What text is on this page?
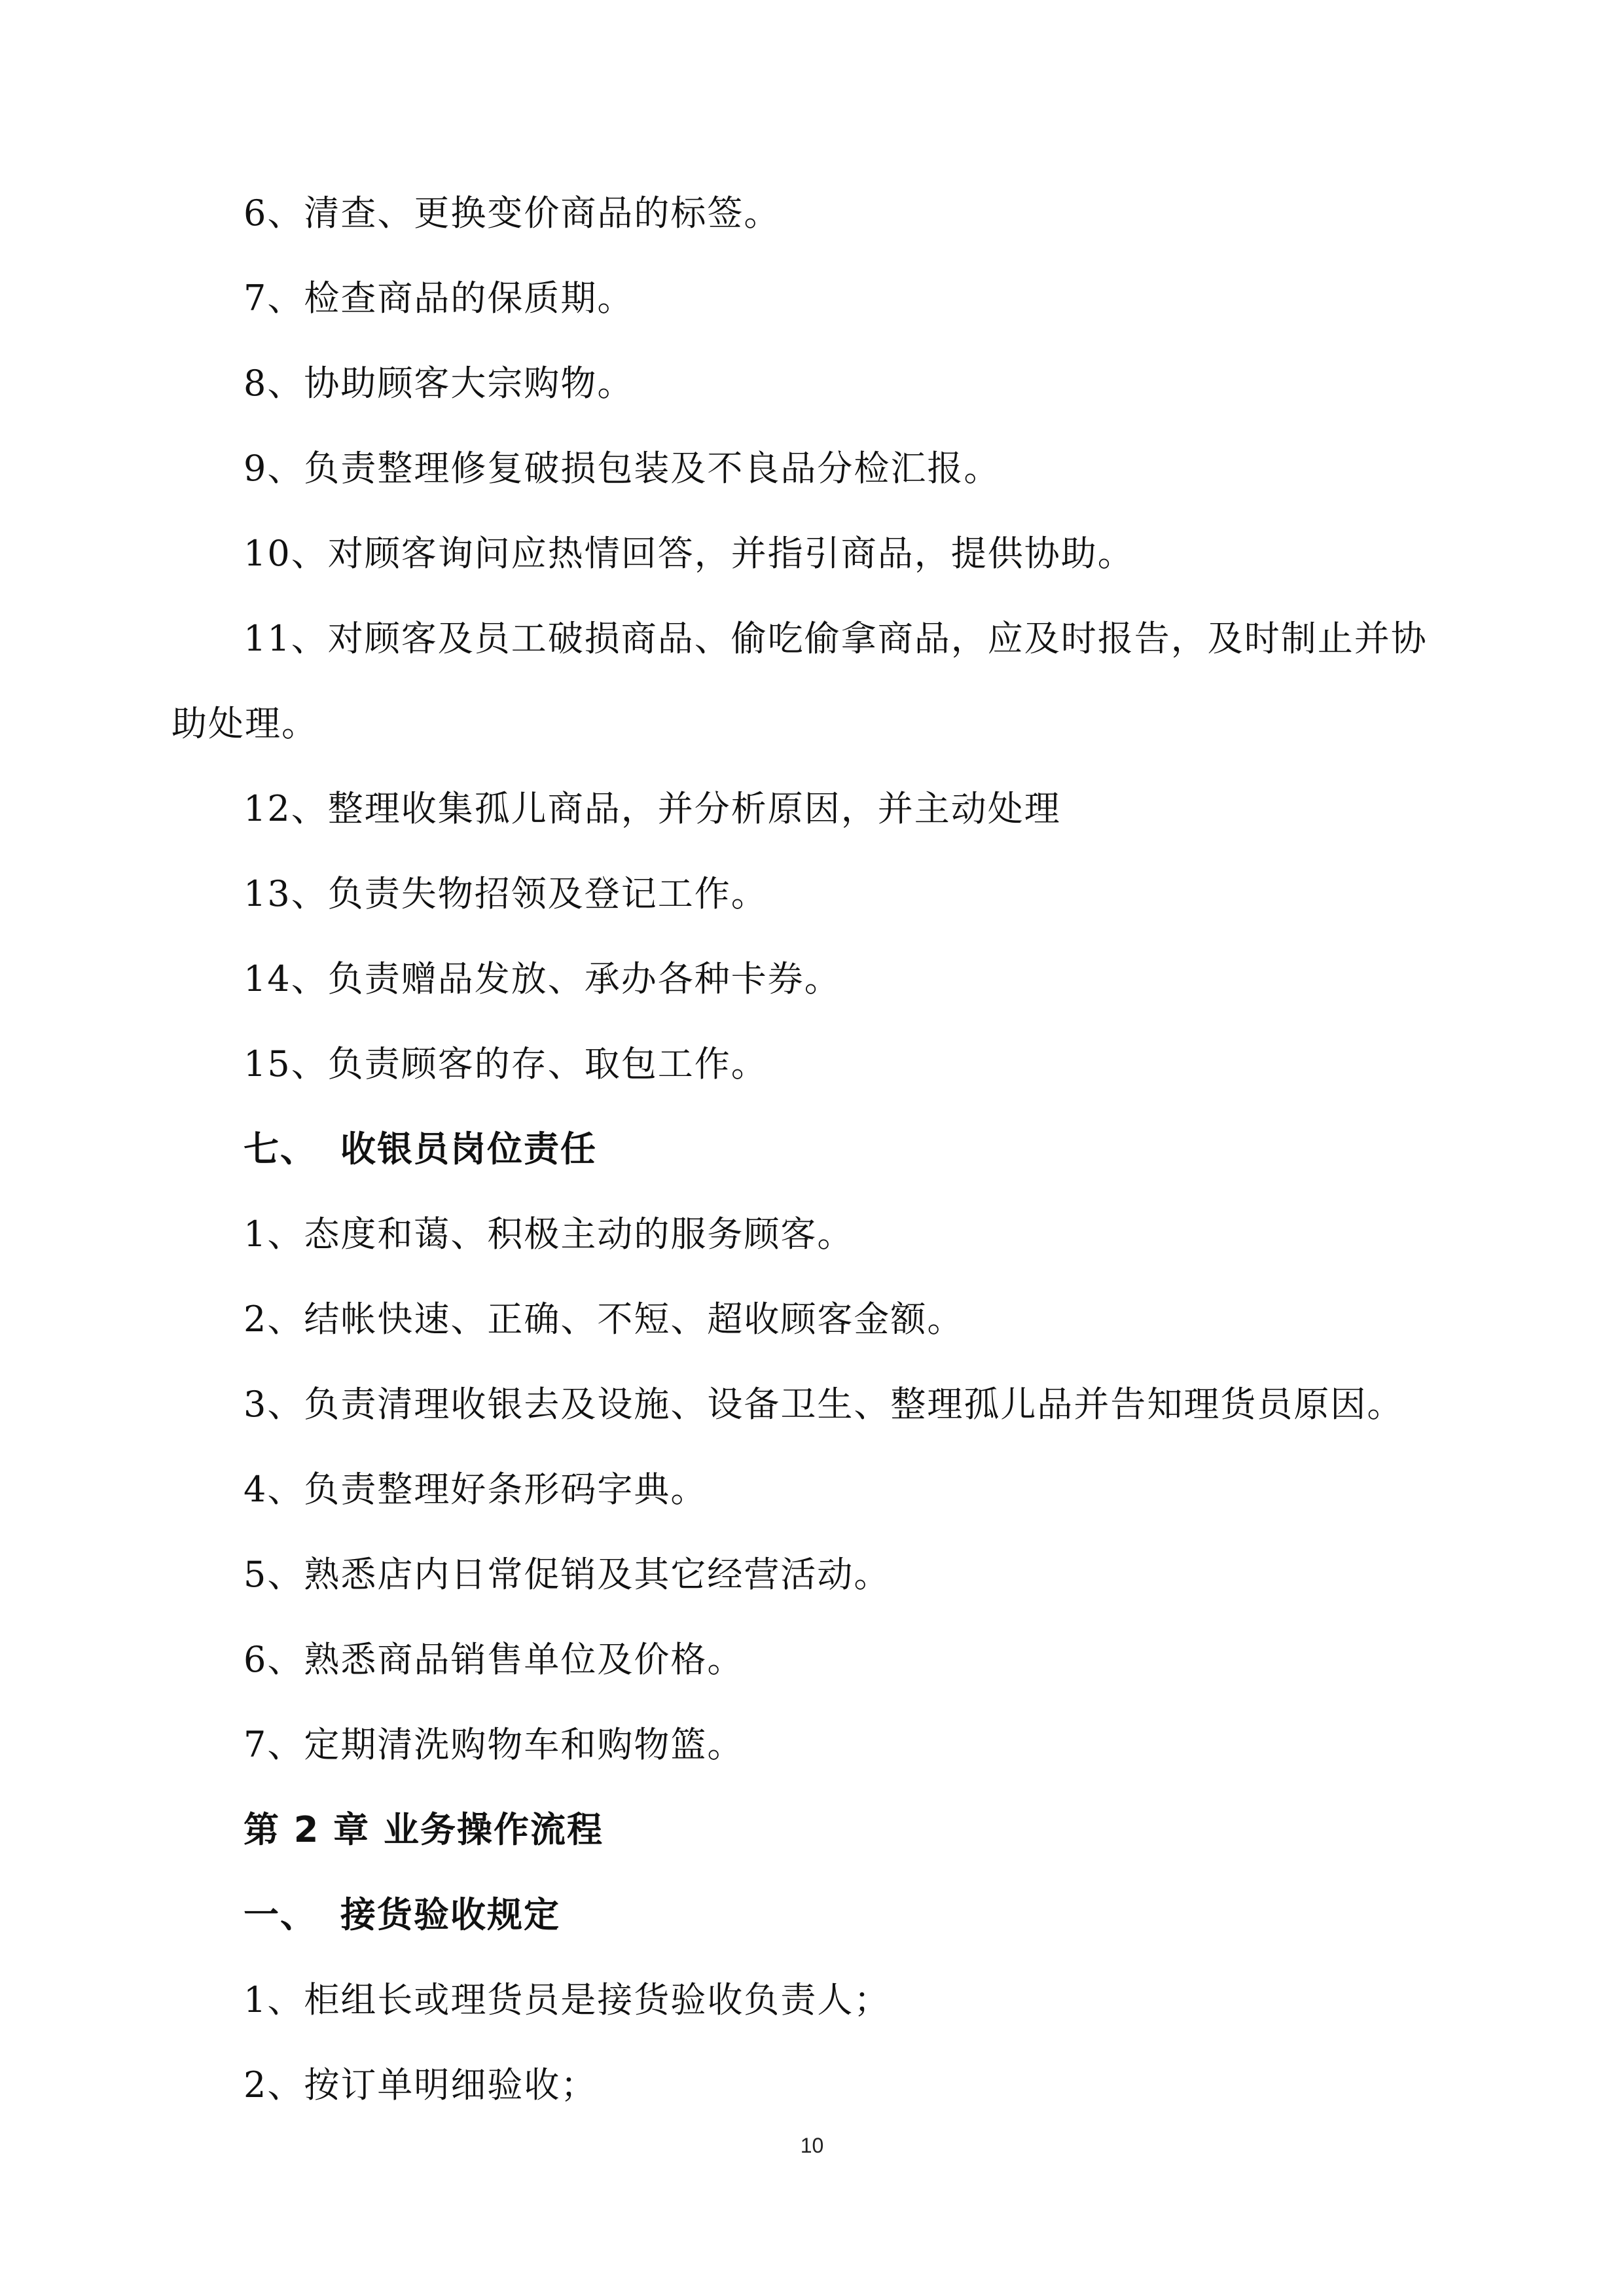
6、清查、更换变价商品的标签。
7、检查商品的保质期。
8、协助顾客大宗购物。
9、负责整理修复破损包装及不良品分检汇报。
10、对顾客询问应热情回答，并指引商品，提供协助。
11、对顾客及员工破损商品、偷吃偷拿商品，应及时报告，及时制止并协
助处理。
12、整理收集孤儿商品，并分析原因，并主动处理
13、负责失物招领及登记工作。
14、负责赠品发放、承办各种卡券。
15、负责顾客的存、取包工作。
七、 收银员岗位责任
1、态度和蔼、积极主动的服务顾客。
2、结帐快速、正确、不短、超收顾客金额。
3、负责清理收银去及设施、设备卫生、整理孤儿品并告知理货员原因。
4、负责整理好条形码字典。
5、熟悉店内日常促销及其它经营活动。
6、熟悉商品销售单位及价格。
7、定期清洗购物车和购物篮。
第 2 章 业务操作流程
一、 接货验收规定
1、柜组长或理货员是接货验收负责人；
2、按订单明细验收；
10
